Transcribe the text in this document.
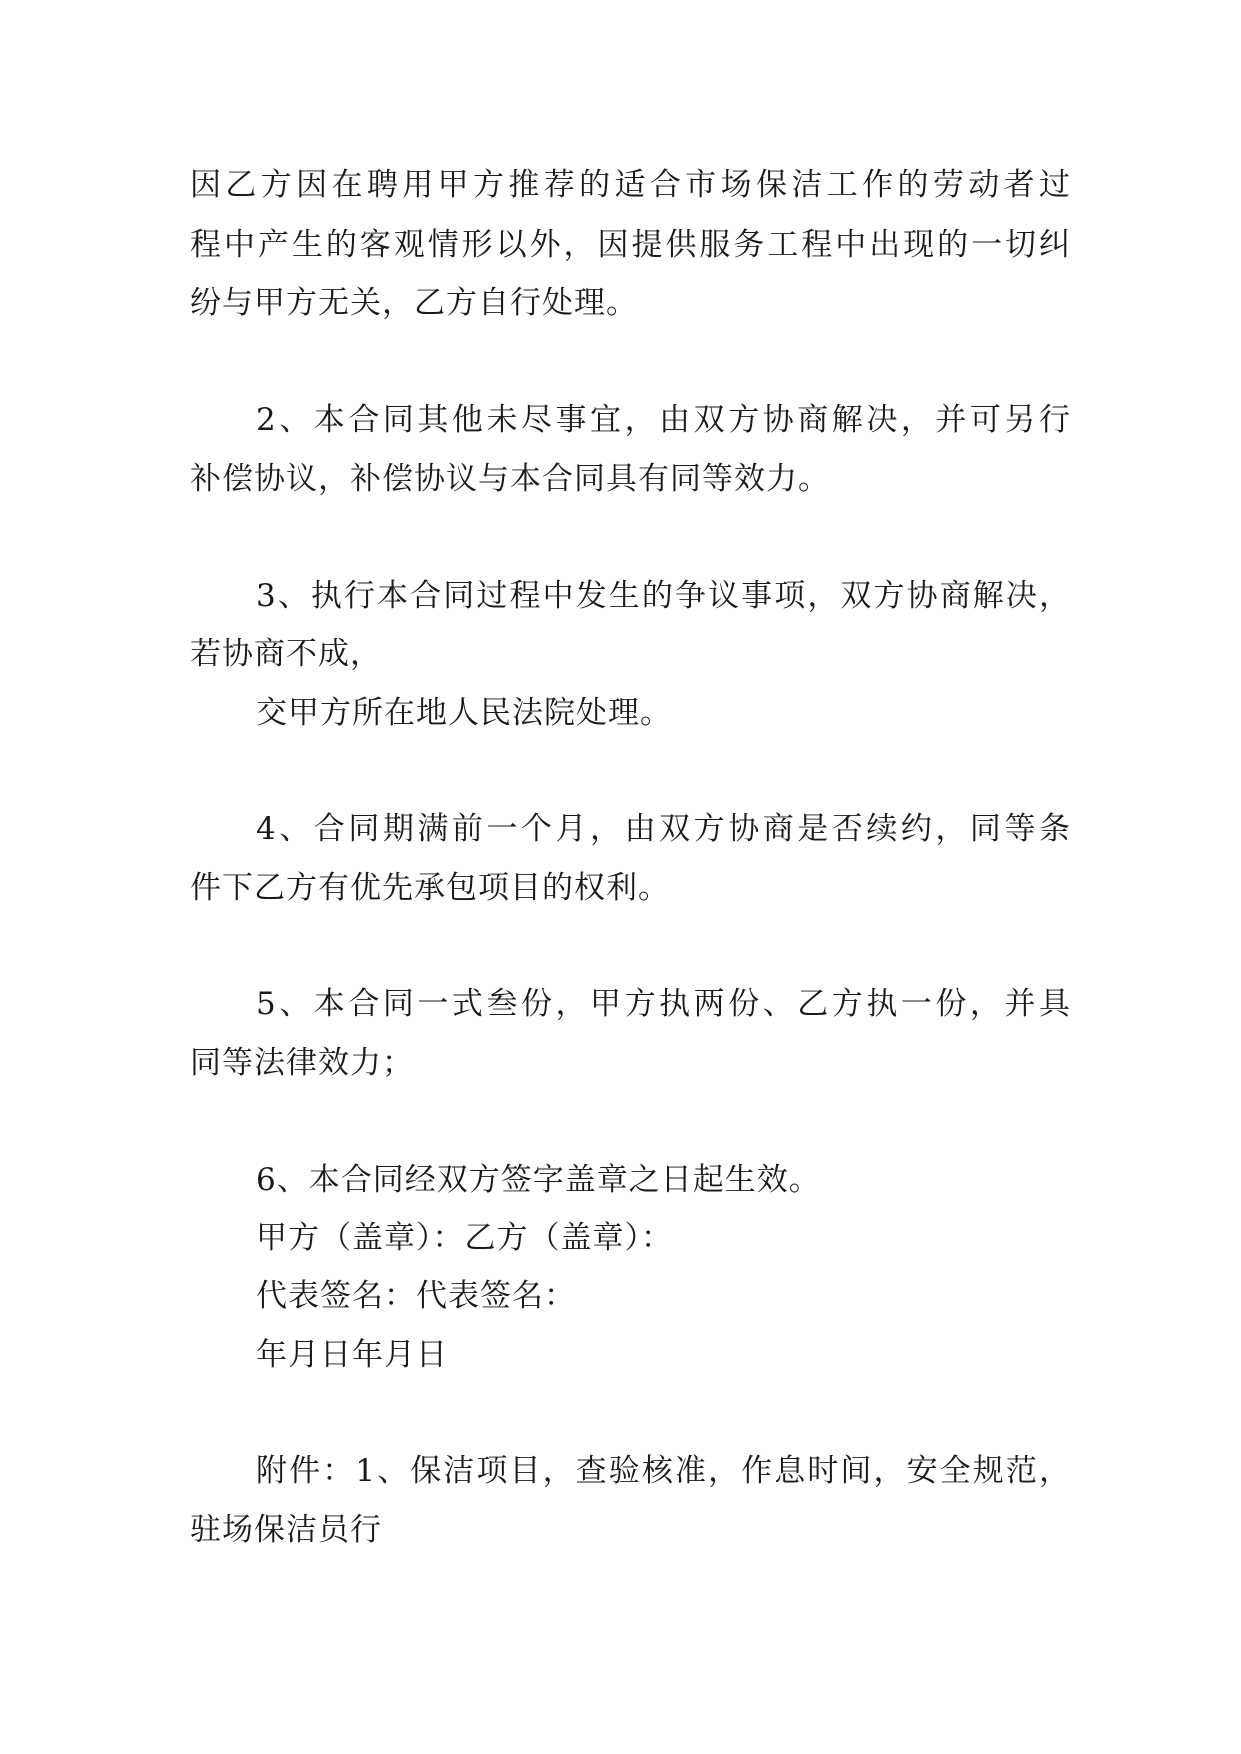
因乙方因在聘用甲方推荐的适合市场保洁工作的劳动者过

程中产生的客观情形以外，因提供服务工程中出现的一切纠

纷与甲方无关，乙方自行处理。

2、本合同其他未尽事宜，由双方协商解决，并可另行

补偿协议，补偿协议与本合同具有同等效力。

3、执行本合同过程中发生的争议事项，双方协商解决，

若协商不成，

交甲方所在地人民法院处理。

4、合同期满前一个月，由双方协商是否续约，同等条

件下乙方有优先承包项目的权利。

5、本合同一式叁份，甲方执两份、乙方执一份，并具

同等法律效力；

6、本合同经双方签字盖章之日起生效。

甲方（盖章）：乙方（盖章）：

代表签名：代表签名：

年月日年月日

附件：1、保洁项目，查验核准，作息时间，安全规范，

驻场保洁员行
